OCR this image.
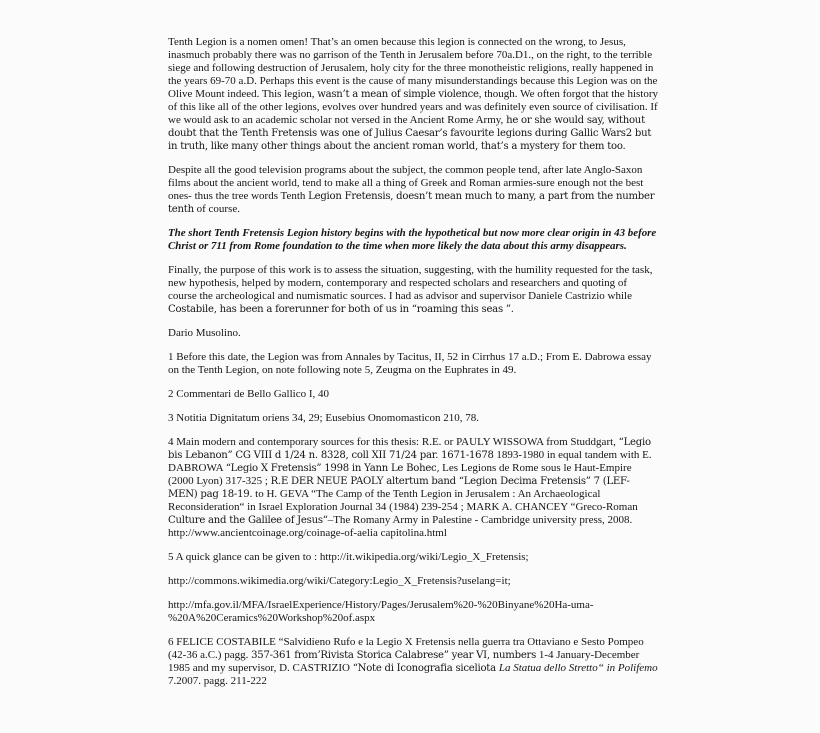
Tenth Legion is a nomen omen! That’s an omen because this legion is connected on the wrong, to Jesus, inasmuch probably there was no garrison of the Tenth in Jerusalem before 70a.D1., on the right, to the terrible siege and following destruction of Jerusalem, holy city for the three monotheistic religions, really happened in the years 69-70 a.D. Perhaps this event is the cause of many misunderstandings because this Legion was on the Olive Mount indeed. This legion, wasn’t a mean of simple violence, though. We often forgot that the history of this like all of the other legions, evolves over hundred years and was definitely even source of civilisation. If we would ask to an academic scholar not versed in the Ancient Rome Army, he or she would say, without doubt that the Tenth Fretensis was one of Julius Caesar’s favourite legions during Gallic Wars2 but in truth, like many other things about the ancient roman world, that’s a mystery for them too.

Despite all the good television programs about the subject, the common people tend, after late Anglo-Saxon films about the ancient world, tend to make all a thing of Greek and Roman armies-sure enough not the best ones- thus the tree words Tenth Legion Fretensis, doesn’t mean much to many, a part from the number tenth of course.

The short Tenth Fretensis Legion history begins with the hypothetical but now more clear origin in 43 before Christ or 711 from Rome foundation to the time when more likely the data about this army disappears.

Finally, the purpose of this work is to assess the situation, suggesting, with the humility requested for the task, new hypothesis, helped by modern, contemporary and respected scholars and researchers and quoting of course the archeological and numismatic sources. I had as advisor and supervisor Daniele Castrizio while Costabile, has been a forerunner for both of us in “roaming this seas ”.

Dario Musolino.

1 Before this date, the Legion was from Annales by Tacitus, II, 52 in Cirrhus 17 a.D.; From E. Dabrowa essay on the Tenth Legion, on note following note 5, Zeugma on the Euphrates in 49.

2 Commentari de Bello Gallico I, 40

3 Notitia Dignitatum oriens 34, 29; Eusebius Onomomasticon 210, 78.

4 Main modern and contemporary sources for this thesis: R.E. or PAULY WISSOWA from Studdgart, “Legio bis Lebanon” CG VIII d 1/24 n. 8328, coll XII 71/24 par. 1671-1678 1893-1980 in equal tandem with E. DABROWA “Legio X Fretensis” 1998 in Yann Le Bohec, Les Legions de Rome sous le Haut-Empire (2000 Lyon) 317-325 ; R.E DER NEUE PAOLY altertum band “Legion Decima Fretensis” 7 (LEF-MEN) pag 18-19. to H. GEVA “The Camp of the Tenth Legion in Jerusalem : An Archaeological Reconsideration“ in Israel Exploration Journal 34 (1984) 239-254 ; MARK A. CHANCEY “Greco-Roman Culture and the Galilee of Jesus“–The Romany Army in Palestine - Cambridge university press, 2008. http://www.ancientcoinage.org/coinage-of-aelia capitolina.html

5 A quick glance can be given to : http://it.wikipedia.org/wiki/Legio_X_Fretensis;

http://commons.wikimedia.org/wiki/Category:Legio_X_Fretensis?uselang=it;

http://mfa.gov.il/MFA/IsraelExperience/History/Pages/Jerusalem%20-%20Binyane%20Ha-uma-%20A%20Ceramics%20Workshop%20of.aspx

6 FELICE COSTABILE “Salvidieno Rufo e la Legio X Fretensis nella guerra tra Ottaviano e Sesto Pompeo (42-36 a.C.) pagg. 357-361 from’Rivista Storica Calabrese” year VI, numbers 1-4 January-December 1985 and my supervisor, D. CASTRIZIO “Note di Iconografia siceliota La Statua dello Stretto“ in Polifemo 7.2007. pagg. 211-222
